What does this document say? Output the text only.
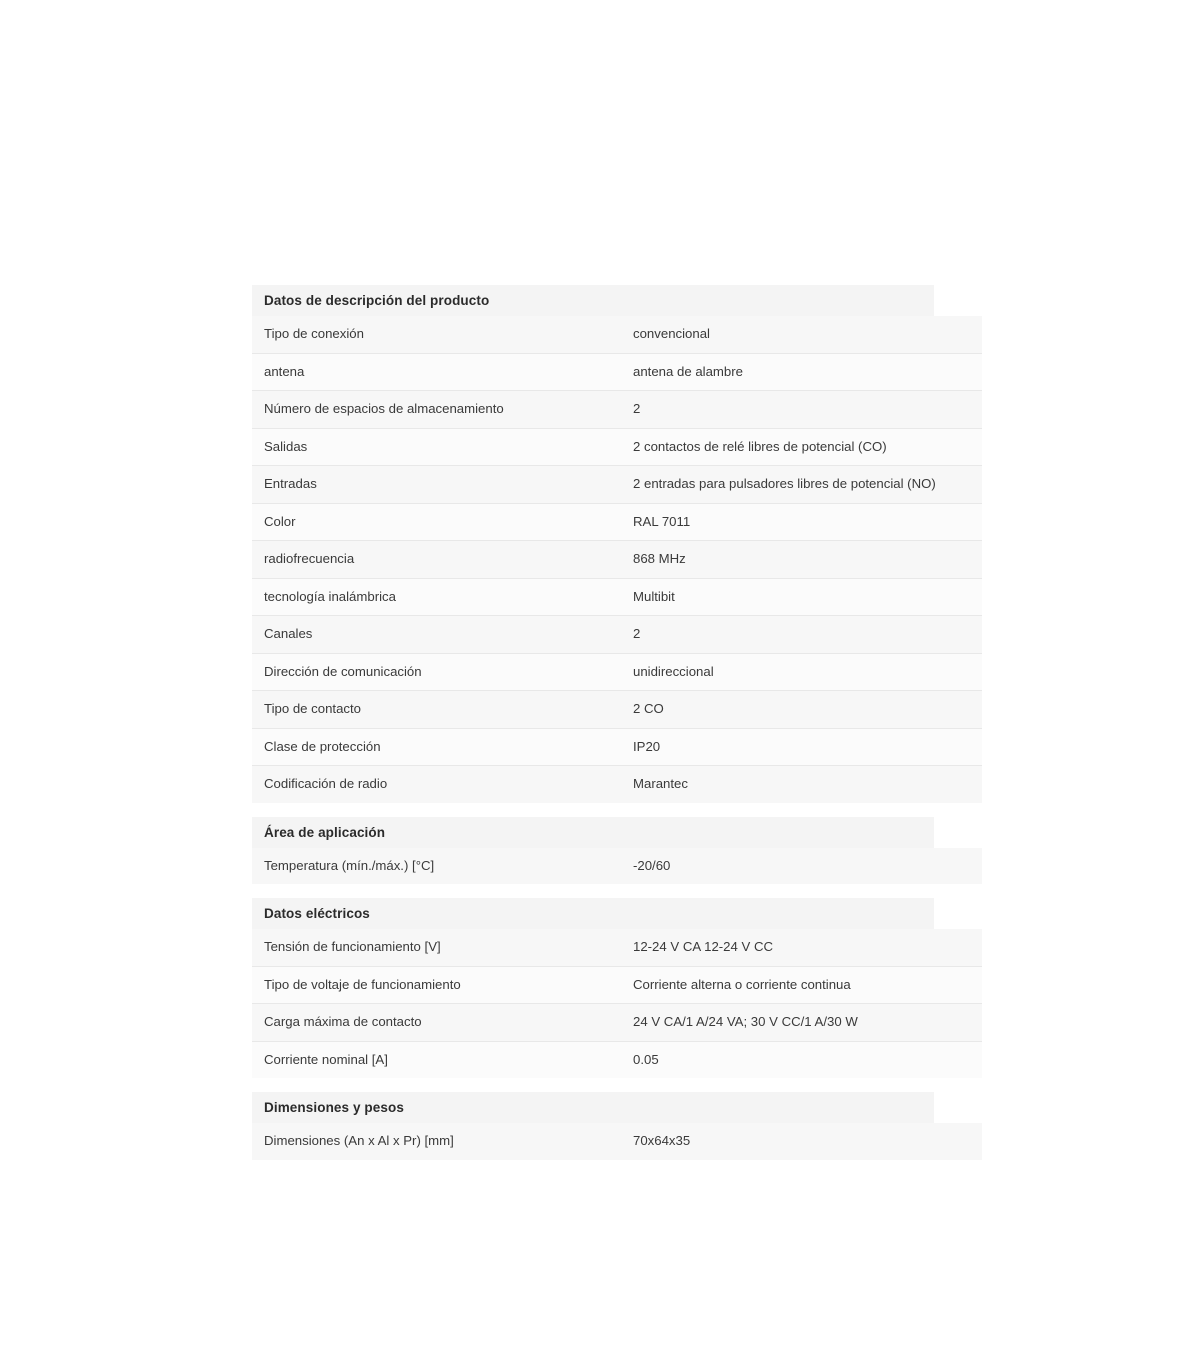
Datos de descripción del producto
Tipo de conexión	convencional
antena	antena de alambre
Número de espacios de almacenamiento	2
Salidas	2 contactos de relé libres de potencial (CO)
Entradas	2 entradas para pulsadores libres de potencial (NO)
Color	RAL 7011
radiofrecuencia	868 MHz
tecnología inalámbrica	Multibit
Canales	2
Dirección de comunicación	unidireccional
Tipo de contacto	2 CO
Clase de protección	IP20
Codificación de radio	Marantec
Área de aplicación
Temperatura (mín./máx.) [°C]	-20/60
Datos eléctricos
Tensión de funcionamiento [V]	12-24 V CA 12-24 V CC
Tipo de voltaje de funcionamiento	Corriente alterna o corriente continua
Carga máxima de contacto	24 V CA/1 A/24 VA; 30 V CC/1 A/30 W
Corriente nominal [A]	0.05
Dimensiones y pesos
Dimensiones (An x Al x Pr) [mm]	70x64x35
